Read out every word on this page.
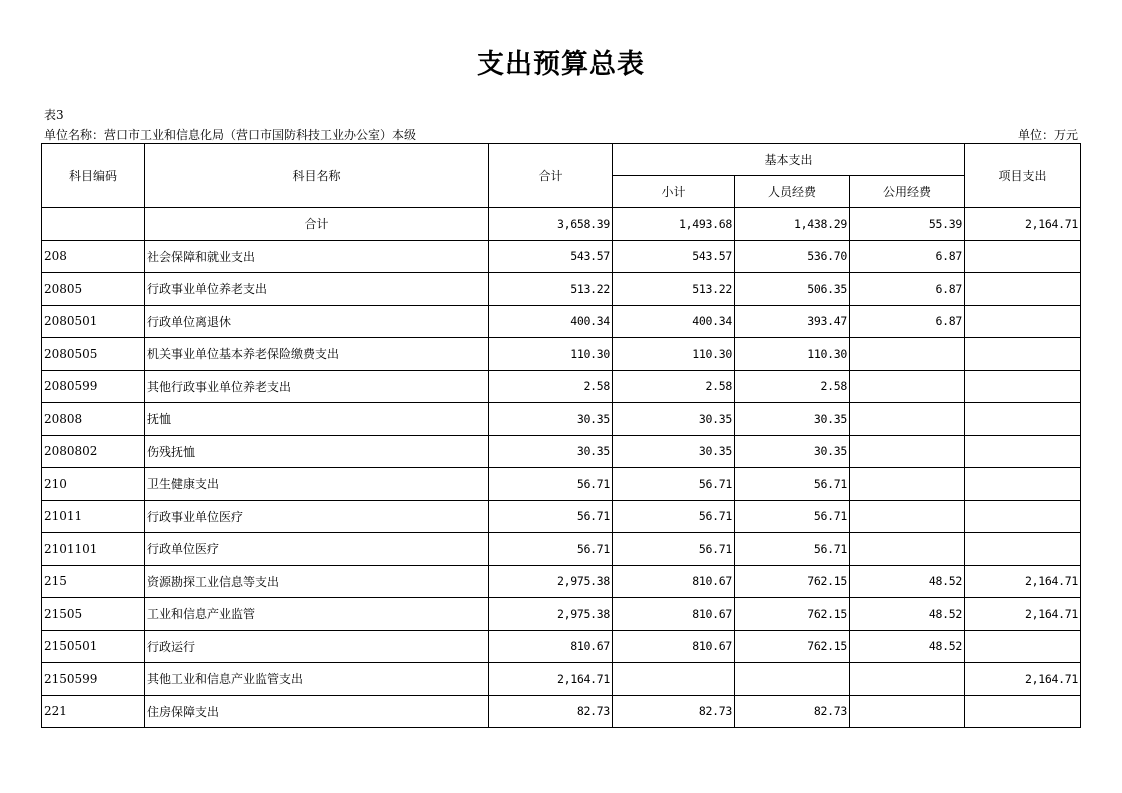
支出预算总表
表3
单位名称：营口市工业和信息化局（营口市国防科技工业办公室）本级	单位：万元
科目编码	科目名称	合计	基本支出			项目支出
			小计	人员经费	公用经费	
	合计	3,658.39	1,493.68	1,438.29	55.39	2,164.71
208	社会保障和就业支出	543.57	543.57	536.70	6.87	
20805	行政事业单位养老支出	513.22	513.22	506.35	6.87	
2080501	行政单位离退休	400.34	400.34	393.47	6.87	
2080505	机关事业单位基本养老保险缴费支出	110.30	110.30	110.30		
2080599	其他行政事业单位养老支出	2.58	2.58	2.58		
20808	抚恤	30.35	30.35	30.35		
2080802	伤残抚恤	30.35	30.35	30.35		
210	卫生健康支出	56.71	56.71	56.71		
21011	行政事业单位医疗	56.71	56.71	56.71		
2101101	行政单位医疗	56.71	56.71	56.71		
215	资源勘探工业信息等支出	2,975.38	810.67	762.15	48.52	2,164.71
21505	工业和信息产业监管	2,975.38	810.67	762.15	48.52	2,164.71
2150501	行政运行	810.67	810.67	762.15	48.52	
2150599	其他工业和信息产业监管支出	2,164.71				2,164.71
221	住房保障支出	82.73	82.73	82.73		
